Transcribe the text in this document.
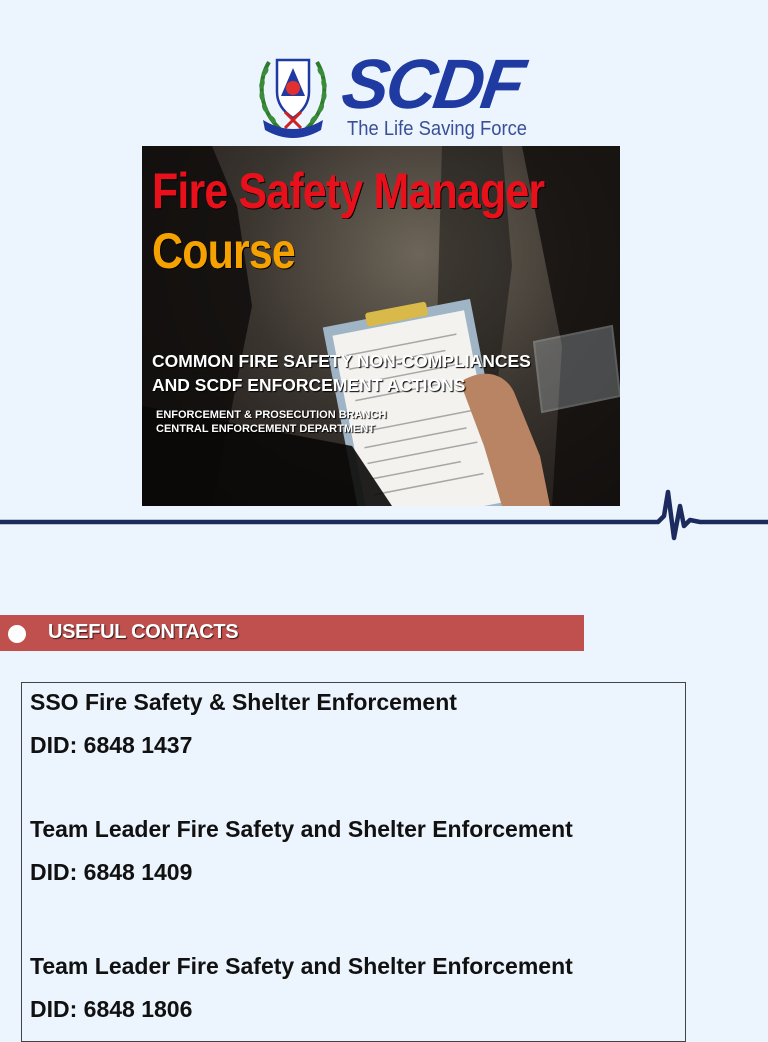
SCDF
The Life Saving Force
Fire Safety Manager
Course
COMMON FIRE SAFETY NON-COMPLIANCES
AND SCDF ENFORCEMENT ACTIONS
ENFORCEMENT & PROSECUTION BRANCH
CENTRAL ENFORCEMENT DEPARTMENT
USEFUL CONTACTS
SSO Fire Safety & Shelter Enforcement
DID: 6848 1437
Team Leader Fire Safety and Shelter Enforcement
DID: 6848 1409
Team Leader Fire Safety and Shelter Enforcement
DID: 6848 1806
